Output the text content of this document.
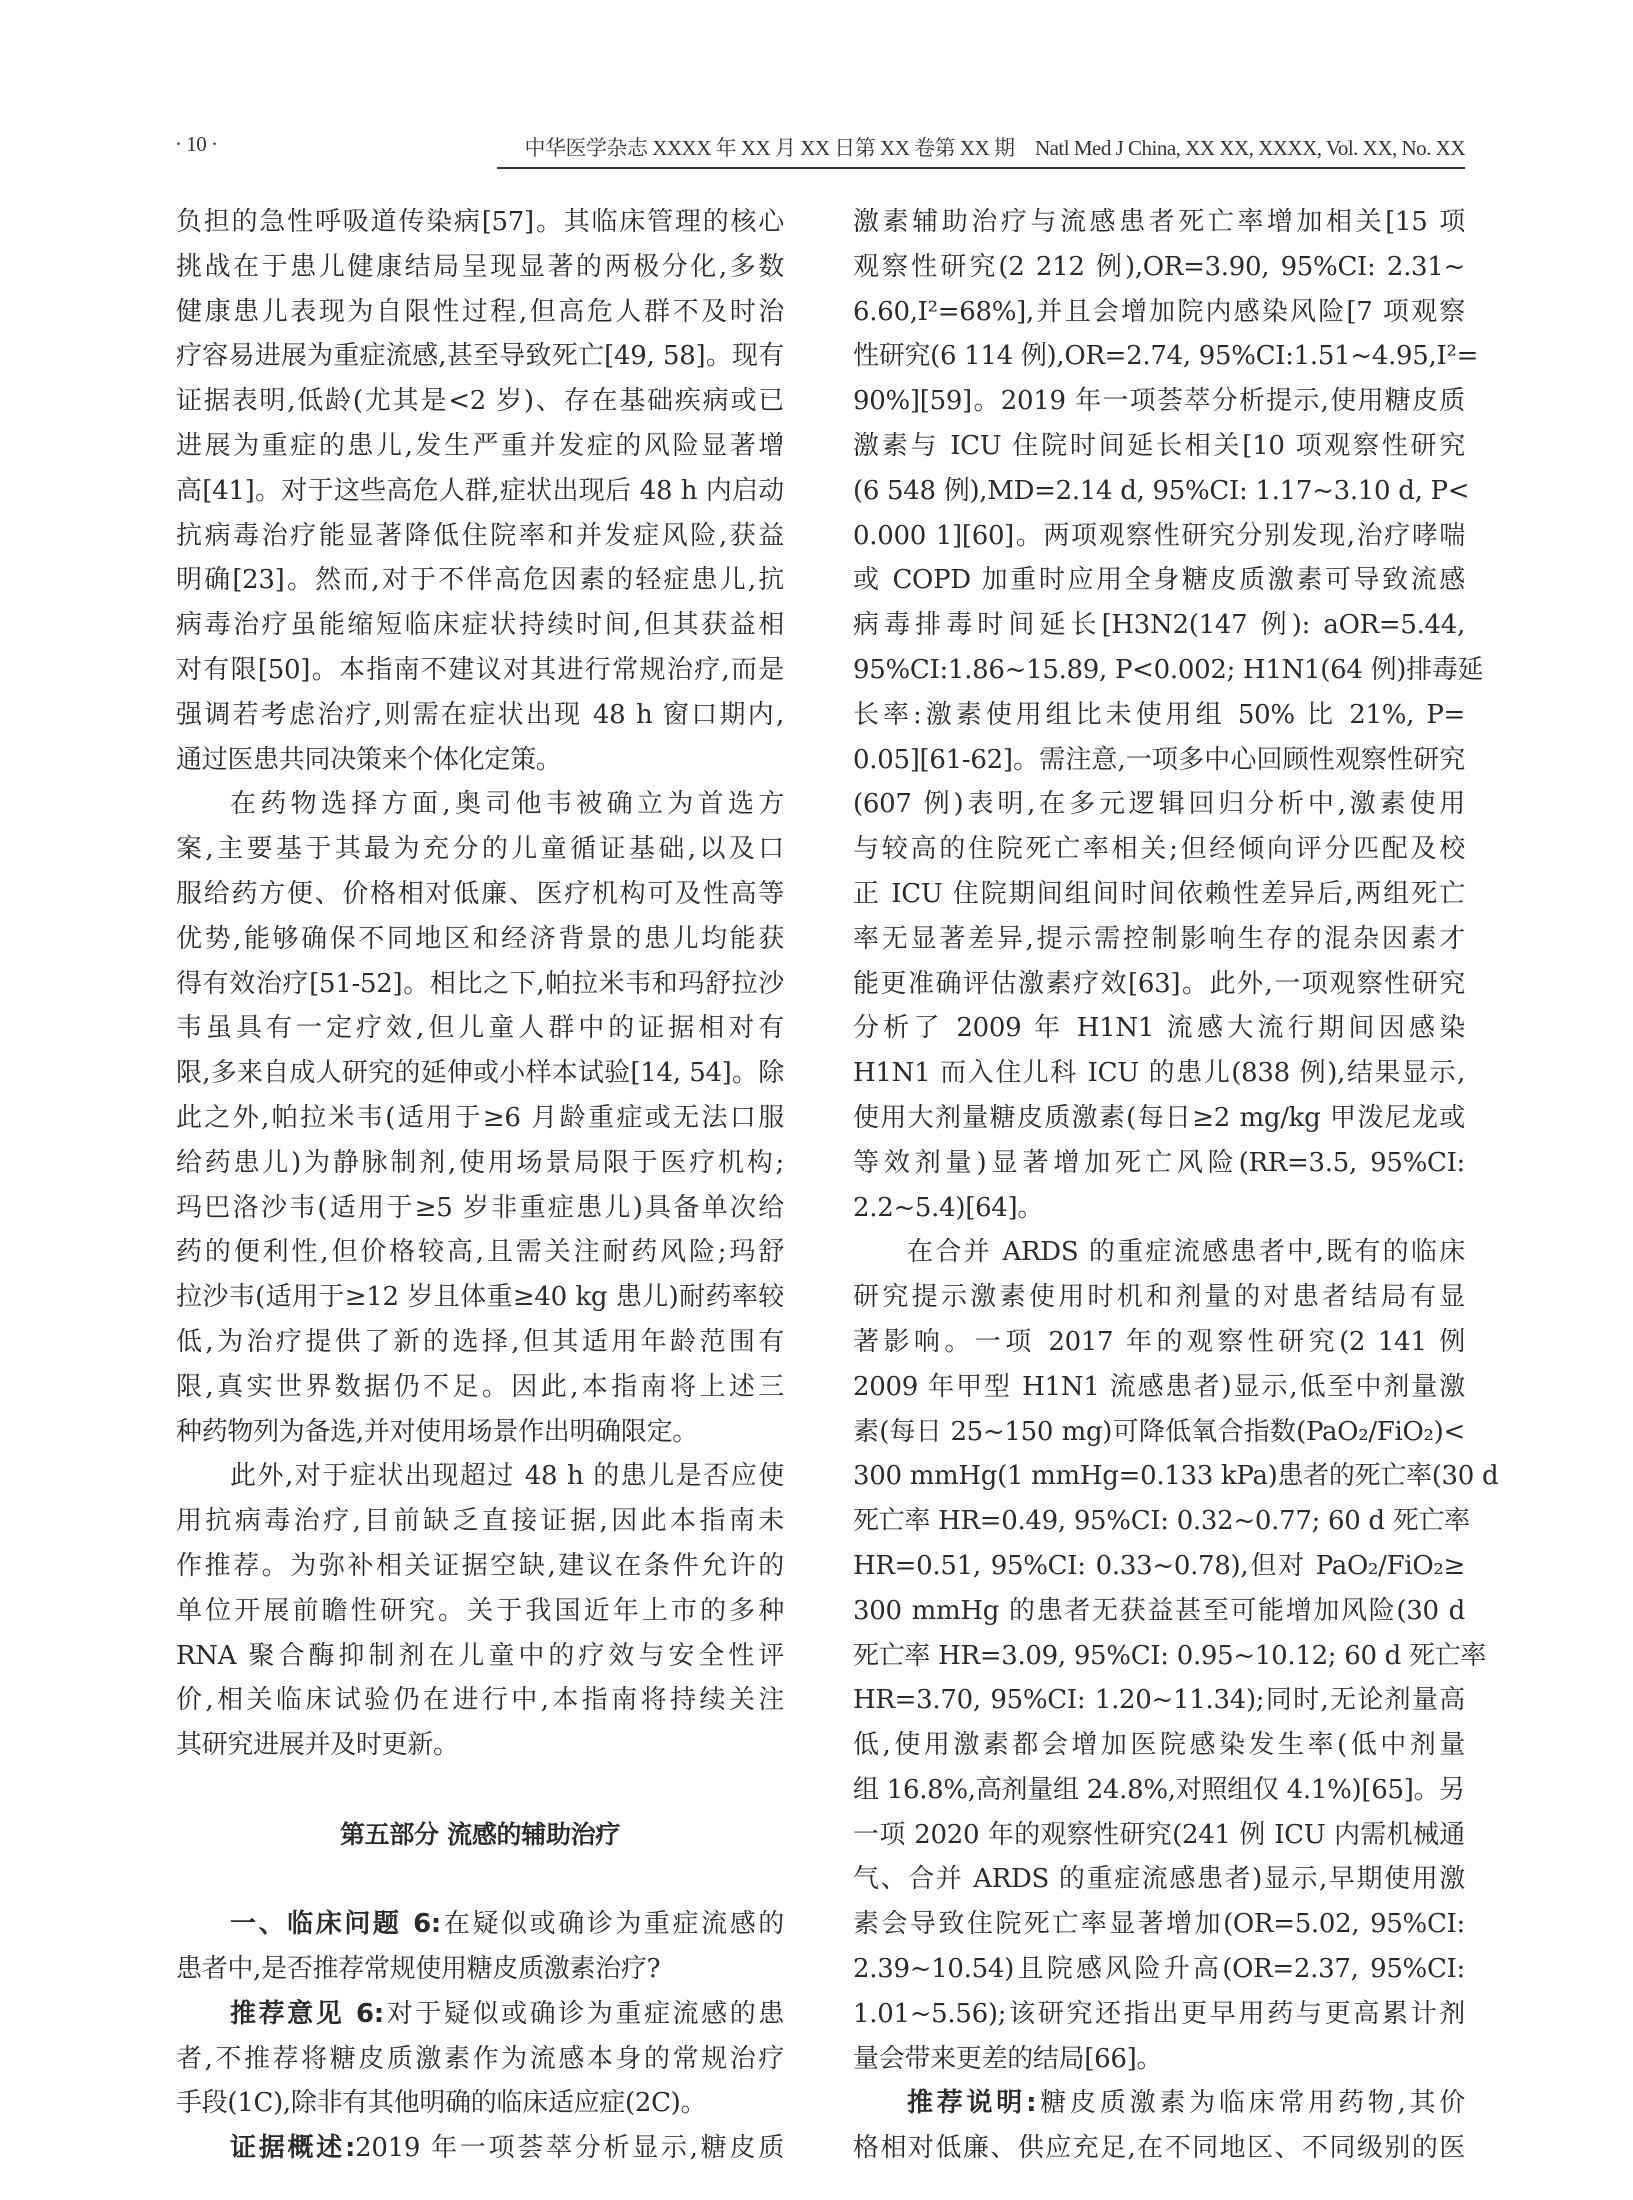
· 10 ·	中华医学杂志 XXXX 年 XX 月 XX 日第 XX 卷第 XX 期　Natl Med J China, XX XX, XXXX, Vol. XX, No. XX
负担的急性呼吸道传染病[57]。其临床管理的核心
挑战在于患儿健康结局呈现显著的两极分化,多数
健康患儿表现为自限性过程,但高危人群不及时治
疗容易进展为重症流感,甚至导致死亡[49, 58]。现有
证据表明,低龄(尤其是<2 岁)、存在基础疾病或已
进展为重症的患儿,发生严重并发症的风险显著增
高[41]。对于这些高危人群,症状出现后 48 h 内启动
抗病毒治疗能显著降低住院率和并发症风险,获益
明确[23]。然而,对于不伴高危因素的轻症患儿,抗
病毒治疗虽能缩短临床症状持续时间,但其获益相
对有限[50]。本指南不建议对其进行常规治疗,而是
强调若考虑治疗,则需在症状出现 48 h 窗口期内,
通过医患共同决策来个体化定策。
在药物选择方面,奥司他韦被确立为首选方
案,主要基于其最为充分的儿童循证基础,以及口
服给药方便、价格相对低廉、医疗机构可及性高等
优势,能够确保不同地区和经济背景的患儿均能获
得有效治疗[51-52]。相比之下,帕拉米韦和玛舒拉沙
韦虽具有一定疗效,但儿童人群中的证据相对有
限,多来自成人研究的延伸或小样本试验[14, 54]。除
此之外,帕拉米韦(适用于≥6 月龄重症或无法口服
给药患儿)为静脉制剂,使用场景局限于医疗机构;
玛巴洛沙韦(适用于≥5 岁非重症患儿)具备单次给
药的便利性,但价格较高,且需关注耐药风险;玛舒
拉沙韦(适用于≥12 岁且体重≥40 kg 患儿)耐药率较
低,为治疗提供了新的选择,但其适用年龄范围有
限,真实世界数据仍不足。因此,本指南将上述三
种药物列为备选,并对使用场景作出明确限定。
此外,对于症状出现超过 48 h 的患儿是否应使
用抗病毒治疗,目前缺乏直接证据,因此本指南未
作推荐。为弥补相关证据空缺,建议在条件允许的
单位开展前瞻性研究。关于我国近年上市的多种
RNA 聚合酶抑制剂在儿童中的疗效与安全性评
价,相关临床试验仍在进行中,本指南将持续关注
其研究进展并及时更新。
第五部分 流感的辅助治疗
一、临床问题 6:在疑似或确诊为重症流感的
患者中,是否推荐常规使用糖皮质激素治疗?
推荐意见 6:对于疑似或确诊为重症流感的患
者,不推荐将糖皮质激素作为流感本身的常规治疗
手段(1C),除非有其他明确的临床适应症(2C)。
证据概述:2019 年一项荟萃分析显示,糖皮质
激素辅助治疗与流感患者死亡率增加相关[15 项
观察性研究(2 212 例),OR=3.90, 95%CI: 2.31~
6.60,I²=68%],并且会增加院内感染风险[7 项观察
性研究(6 114 例),OR=2.74, 95%CI:1.51~4.95,I²=
90%][59]。2019 年一项荟萃分析提示,使用糖皮质
激素与 ICU 住院时间延长相关[10 项观察性研究
(6 548 例),MD=2.14 d, 95%CI: 1.17~3.10 d, P<
0.000 1][60]。两项观察性研究分别发现,治疗哮喘
或 COPD 加重时应用全身糖皮质激素可导致流感
病毒排毒时间延长[H3N2(147 例): aOR=5.44,
95%CI:1.86~15.89, P<0.002; H1N1(64 例)排毒延
长率:激素使用组比未使用组 50% 比 21%, P=
0.05][61-62]。需注意,一项多中心回顾性观察性研究
(607 例)表明,在多元逻辑回归分析中,激素使用
与较高的住院死亡率相关;但经倾向评分匹配及校
正 ICU 住院期间组间时间依赖性差异后,两组死亡
率无显著差异,提示需控制影响生存的混杂因素才
能更准确评估激素疗效[63]。此外,一项观察性研究
分析了 2009 年 H1N1 流感大流行期间因感染
H1N1 而入住儿科 ICU 的患儿(838 例),结果显示,
使用大剂量糖皮质激素(每日≥2 mg/kg 甲泼尼龙或
等效剂量)显著增加死亡风险(RR=3.5, 95%CI:
2.2~5.4)[64]。
在合并 ARDS 的重症流感患者中,既有的临床
研究提示激素使用时机和剂量的对患者结局有显
著影响。一项 2017 年的观察性研究(2 141 例
2009 年甲型 H1N1 流感患者)显示,低至中剂量激
素(每日 25~150 mg)可降低氧合指数(PaO₂/FiO₂)<
300 mmHg(1 mmHg=0.133 kPa)患者的死亡率(30 d
死亡率 HR=0.49, 95%CI: 0.32~0.77; 60 d 死亡率
HR=0.51, 95%CI: 0.33~0.78),但对 PaO₂/FiO₂≥
300 mmHg 的患者无获益甚至可能增加风险(30 d
死亡率 HR=3.09, 95%CI: 0.95~10.12; 60 d 死亡率
HR=3.70, 95%CI: 1.20~11.34);同时,无论剂量高
低,使用激素都会增加医院感染发生率(低中剂量
组 16.8%,高剂量组 24.8%,对照组仅 4.1%)[65]。另
一项 2020 年的观察性研究(241 例 ICU 内需机械通
气、合并 ARDS 的重症流感患者)显示,早期使用激
素会导致住院死亡率显著增加(OR=5.02, 95%CI:
2.39~10.54)且院感风险升高(OR=2.37, 95%CI:
1.01~5.56);该研究还指出更早用药与更高累计剂
量会带来更差的结局[66]。
推荐说明:糖皮质激素为临床常用药物,其价
格相对低廉、供应充足,在不同地区、不同级别的医
